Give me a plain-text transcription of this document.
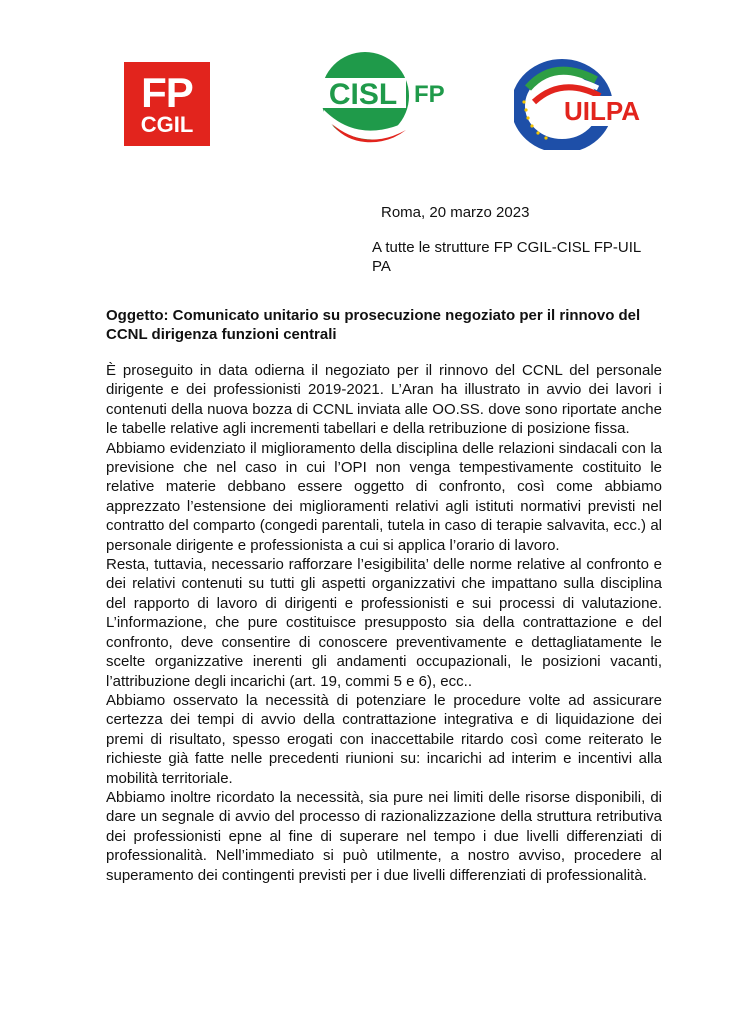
FP
CGIL
CISL FP
UILPA
Roma, 20 marzo 2023
A tutte le strutture FP CGIL-CISL FP-UIL PA
Oggetto: Comunicato unitario su prosecuzione negoziato per il rinnovo del CCNL dirigenza funzioni centrali

È proseguito in data odierna il negoziato per il rinnovo del CCNL del personale dirigente e dei professionisti 2019-2021. L’Aran ha illustrato in avvio dei lavori i contenuti della nuova bozza di CCNL inviata alle OO.SS. dove sono riportate anche le tabelle relative agli incrementi tabellari e della retribuzione di posizione fissa.

Abbiamo evidenziato il miglioramento della disciplina delle relazioni sindacali con la previsione che nel caso in cui l’OPI non venga tempestivamente costituito le relative materie debbano essere oggetto di confronto, così come abbiamo apprezzato l’estensione dei miglioramenti relativi agli istituti normativi previsti nel contratto del comparto (congedi parentali, tutela in caso di terapie salvavita, ecc.) al personale dirigente e professionista a cui si applica l’orario di lavoro.

Resta, tuttavia, necessario rafforzare l’esigibilita’ delle norme relative al confronto e dei relativi contenuti su tutti gli aspetti organizzativi che impattano sulla disciplina del rapporto di lavoro di dirigenti e professionisti e sui processi di valutazione. L’informazione, che pure costituisce presupposto sia della contrattazione e del confronto, deve consentire di conoscere preventivamente e dettagliatamente le scelte organizzative inerenti gli andamenti occupazionali, le posizioni vacanti, l’attribuzione degli incarichi (art. 19, commi 5 e 6), ecc..

Abbiamo osservato la necessità di potenziare le procedure volte ad assicurare certezza dei tempi di avvio della contrattazione integrativa e di liquidazione dei premi di risultato, spesso erogati con inaccettabile ritardo così come reiterato le richieste già fatte nelle precedenti riunioni su: incarichi ad interim e incentivi alla mobilità territoriale.

Abbiamo inoltre ricordato la necessità, sia pure nei limiti delle risorse disponibili, di dare un segnale di avvio del processo di razionalizzazione della struttura retributiva dei professionisti epne al fine di superare nel tempo i due livelli differenziati di professionalità. Nell’immediato si può utilmente, a nostro avviso, procedere al superamento dei contingenti previsti per i due livelli differenziati di professionalità.
